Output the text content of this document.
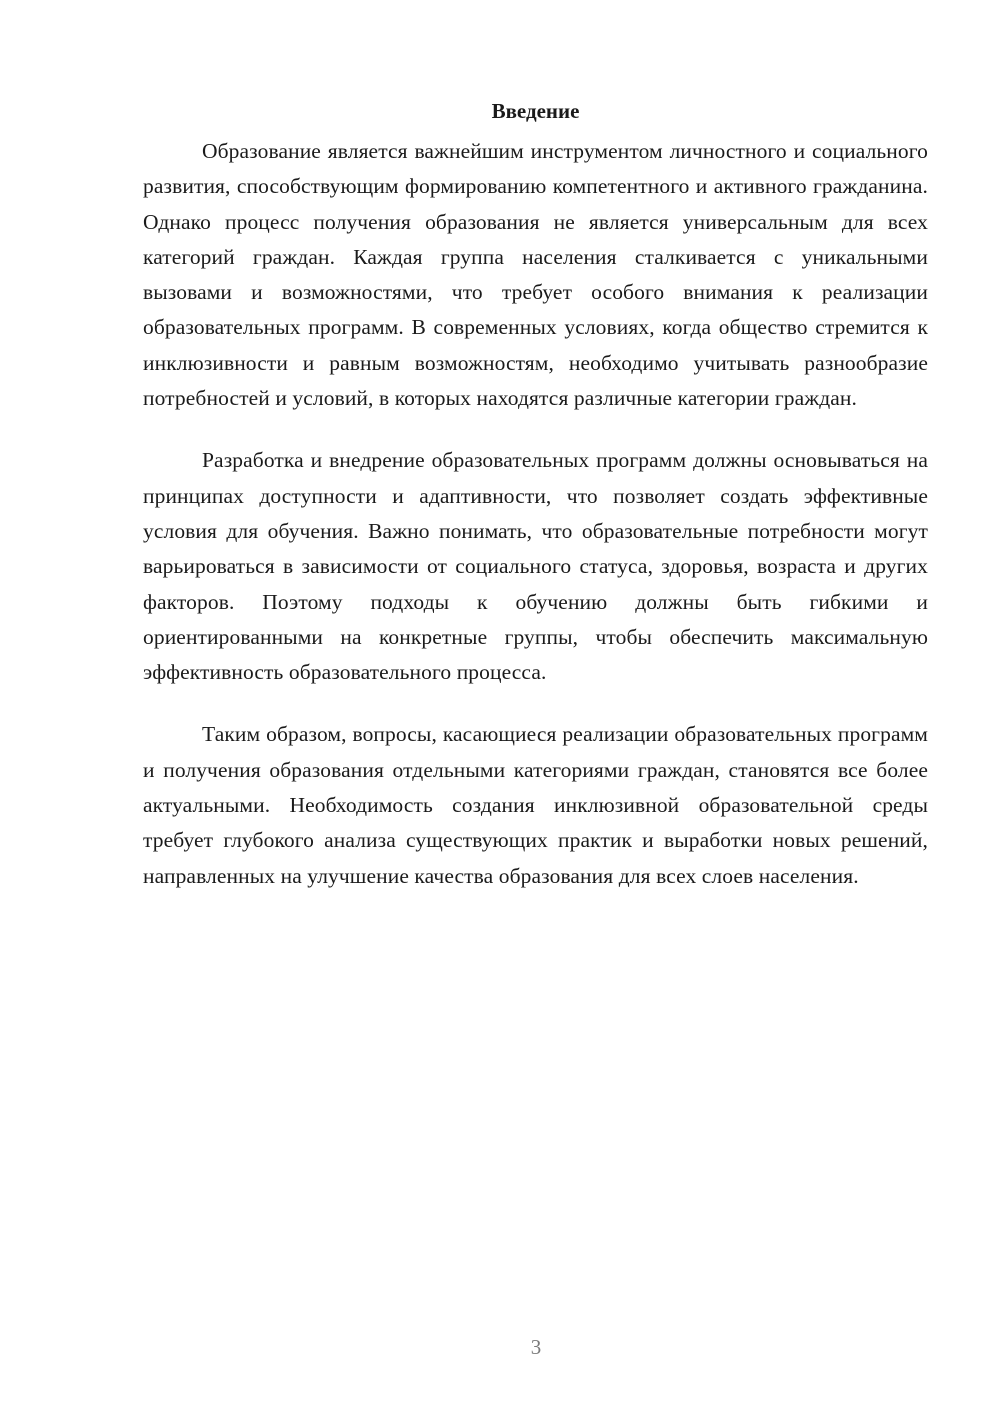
Введение

Образование является важнейшим инструментом личностного и социального развития, способствующим формированию компетентного и активного гражданина. Однако процесс получения образования не является универсальным для всех категорий граждан. Каждая группа населения сталкивается с уникальными вызовами и возможностями, что требует особого внимания к реализации образовательных программ. В современных условиях, когда общество стремится к инклюзивности и равным возможностям, необходимо учитывать разнообразие потребностей и условий, в которых находятся различные категории граждан.

Разработка и внедрение образовательных программ должны основываться на принципах доступности и адаптивности, что позволяет создать эффективные условия для обучения. Важно понимать, что образовательные потребности могут варьироваться в зависимости от социального статуса, здоровья, возраста и других факторов. Поэтому подходы к обучению должны быть гибкими и ориентированными на конкретные группы, чтобы обеспечить максимальную эффективность образовательного процесса.

Таким образом, вопросы, касающиеся реализации образовательных программ и получения образования отдельными категориями граждан, становятся все более актуальными. Необходимость создания инклюзивной образовательной среды требует глубокого анализа существующих практик и выработки новых решений, направленных на улучшение качества образования для всех слоев населения.

3
